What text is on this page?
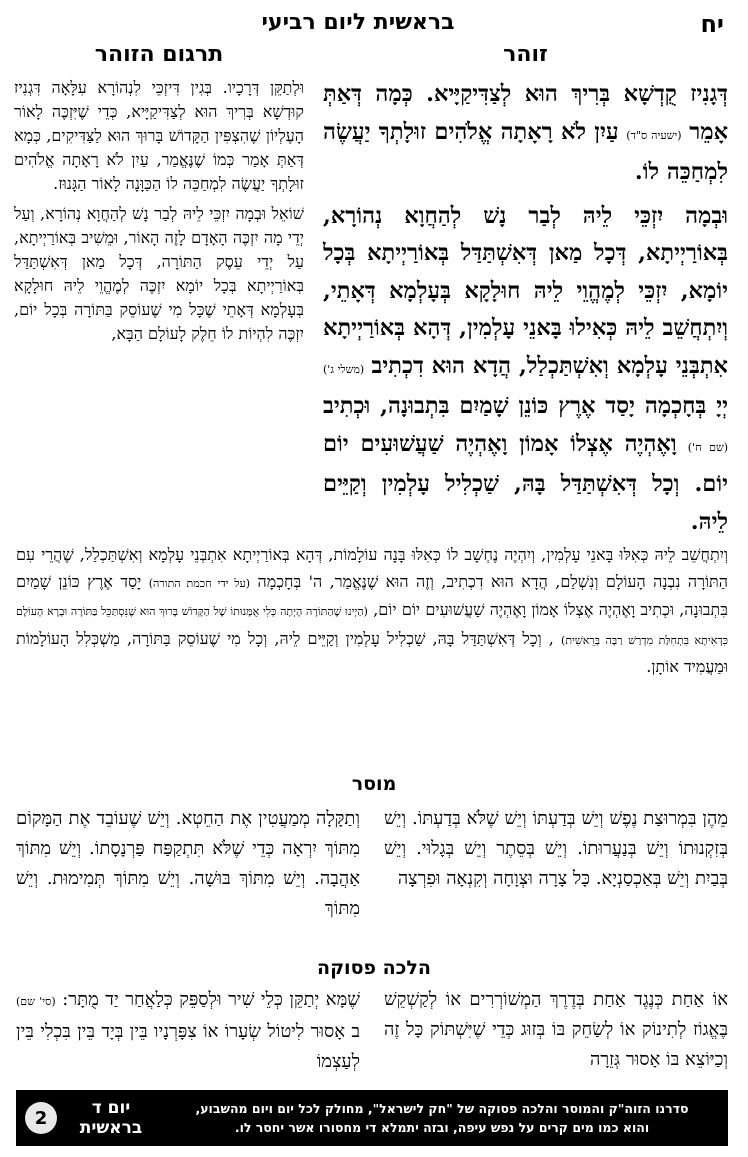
יח
בראשית ליום רביעי
זוהר
תרגום הזוהר

דְּגָנִיז קֻדְשָׁא בְּרִיךְ הוּא לְצַדִּיקַיָּיא. כְּמָה דְּאַתְּ אָמֵר (ישעיה ס"ד) עַיִן לֹא רָאָתָה אֱלֹהִים זוּלָתְךָ יַעֲשֶׂה לִמְחַכֵּה לוֹ.

וּבְמָה יִזְכֵּי לֵיהּ לְבַר נָשׁ לְהַחֲוָא נְהוֹרָא, בְּאוֹרַיְיתָא, דְּכָל מַאן דְּאִשְׁתַּדַּל בְּאוֹרַיְיתָא בְּכָל יוֹמָא, יִזְכֵּי לְמֶהֱוֵי לֵיהּ חוּלָקָא בְּעָלְמָא דְּאָתֵי, וְיִתְחֲשֵׁב לֵיהּ כְּאִילוּ בָּאנֵי עָלְמִין, דְּהָא בְּאוֹרַיְיתָא אִתְבְּנֵי עָלְמָא וְאִשְׁתַּכְלַל, הֲדָא הוּא דִכְתִיב (משלי ג') יְיָ בְּחָכְמָה יָסַד אֶרֶץ כּוֹנֵן שָׁמַיִם בִּתְבוּנָה, וּכְתִיב (שם ח') וָאֶהְיֶה אֶצְלוֹ אָמוֹן וָאֶהְיֶה שַׁעֲשׁוּעִים יוֹם יוֹם. וְכָל דְּאִשְׁתַּדַּל בָּהּ, שַׁכְלִיל עָלְמִין וְקַיֵּים לֵיהּ.

וּלְתַקֵּן דְּרָכָיו. בְּגִין דִּיזְכֵּי לִנְהוֹרָא עִלָּאָה דִּגְנִיז קוּדְשָׁא בְּרִיךְ הוּא לְצַדִּיקַיָּיא, כְּדֵי שֶׁיִּזְכֶּה לָאוֹר הָעֶלְיוֹן שֶׁהִצְפִּין הַקָּדוֹשׁ בָּרוּךְ הוּא לַצַּדִּיקִים, כְּמָא דְּאַתְּ אָמַר כְּמוֹ שֶׁנֶּאֱמַר, עַיִן לֹא רָאָתָה אֱלֹהִים זוּלָתְךָ יַעֲשֶׂה לִמְחַכֵּה לוֹ הַכַּוָּנָה לָאוֹר הַגָּנוּז.

שׁוֹאֵל וּבְמָה יִזְכֵּי לֵיהּ לְבַר נָשׁ לְהַחֲוָא נְהוֹרָא, וְעַל יְדֵי מָה יִזְכֶּה הָאָדָם לָזֶה הָאוֹר, וּמֵשִׁיב בְּאוֹרַיְיתָא, עַל יְדֵי עֵסֶק הַתּוֹרָה, דְּכָל מַאן דְּאִשְׁתַּדַּל בְּאוֹרַיְיתָא בְּכָל יוֹמָא יִזְכֶּה לְמֶהֱוֵי לֵיהּ חוּלָקָא בְּעָלְמָא דְּאָתֵי שֶׁכָּל מִי שֶׁעוֹסֵק בַּתּוֹרָה בְּכָל יוֹם, יִזְכֶּה לִהְיוֹת לוֹ חֵלֶק לָעוֹלָם הַבָּא,

וְיִתְחֲשֵׁב לֵיהּ כְּאִלּוּ בָּאנֵי עָלְמִין, וְיִהְיֶה נֶחְשָׁב לוֹ כְּאִלּוּ בָּנָה עוֹלָמוֹת, דְּהָא בְּאוֹרַיְיתָא אִתְבְּנֵי עָלְמָא וְאִשְׁתַּכְלַל, שֶׁהֲרֵי עִם הַתּוֹרָה נִבְנָה הָעוֹלָם וְנִשְׁלַם, הֲדָא הוּא דִכְתִיב, וְזֶה הוּא שֶׁנֶּאֱמַר, ה' בְּחָכְמָה (על ידי חכמת התורה) יָסַד אֶרֶץ כּוֹנֵן שָׁמַיִם בִּתְבוּנָה, וּכְתִיב וָאֶהְיֶה אֶצְלוֹ אָמוֹן וָאֶהְיֶה שַׁעֲשׁוּעִים יוֹם יוֹם, (הַיְינוּ שֶׁהַתּוֹרָה הָיְתָה כְּלִי אֻמָּנוּתוֹ שֶׁל הַקָּדוֹשׁ בָּרוּךְ הוּא שֶׁנִּסְתַּכֵּל בַּתּוֹרָה וּבָרָא הָעוֹלָם כִּדְאִיתָא בִּתְחִלַּת מִדְרַשׁ רַבָּה בְּרֵאשִׁית) , וְכָל דְּאִשְׁתַּדַּל בָּהּ, שַׁכְלִיל עָלְמִין וְקַיֵּים לֵיהּ, וְכָל מִי שֶׁעוֹסֵק בַּתּוֹרָה, מַשְׁכְּלִל הָעוֹלָמוֹת וּמַעֲמִיד אוֹתָן.
מוסר
מֵהֶן בִּמְרוּצַת נֶפֶשׁ וְיֵשׁ בְּדַעְתּוֹ וְיֵשׁ שֶׁלֹּא בְּדַעְתּוֹ. וְיֵשׁ בְּזִקְנוּתוֹ וְיֵשׁ בְּנַעֲרוּתוֹ. וְיֵשׁ בְּסֵתֶר וְיֵשׁ בְּגָלוּי. וְיֵשׁ בְּבַיִת וְיֵשׁ בְּאַכְסַנְיָא. כָּל צָרָה וּצְוָחָה וְקִנְאָה וּפִרְצָה
וְתַקָּלָה מְמַעֲטִין אֶת הַחֵטְא. וְיֵשׁ שֶׁעוֹבֵד אֶת הַמָּקוֹם מִתּוֹךְ יִרְאָה כְּדֵי שֶׁלֹּא תִּתְקַפַּח פַּרְנָסָתוֹ. וְיֵשׁ מִתּוֹךְ אַהֲבָה. וְיֵשׁ מִתּוֹךְ בּוּשָׁה. וְיֵשׁ מִתּוֹךְ תְּמִימוּת. וְיֵשׁ מִתּוֹךְ
הלכה פסוקה
אוֹ אַחַת כְּנֶגֶד אַחַת בְּדֶרֶךְ הַמְשׁוֹרְרִים אוֹ לְקַשְׁקֵשׁ בֶּאֱגוֹז לְתִינוֹק אוֹ לְשַׂחֵק בּוֹ בְּזוּג כְּדֵי שֶׁיִּשְׁתּוֹק כָּל זֶה וְכַיּוֹצֵא בּוֹ אָסוּר גְּזֵרָה
שֶׁמָּא יְתַקֵּן כְּלֵי שִׁיר וּלְסַפֵּק כְּלַאֲחַר יַד מֻתָּר: (סי' שם) ב אָסוּר לִיטוֹל שְׂעָרוֹ אוֹ צִפָּרְנָיו בֵּין בְּיָד בֵּין בִּכְלִי בֵּין לְעַצְמוֹ
סדרנו הזוה"ק והמוסר והלכה פסוקה של "חק לישראל", מחולק לכל יום ויום מהשבוע,
והוא כמו מים קרים על נפש עיפה, ובזה יתמלא די מחסורו אשר יחסר לו.
יום ד
בראשית
2
